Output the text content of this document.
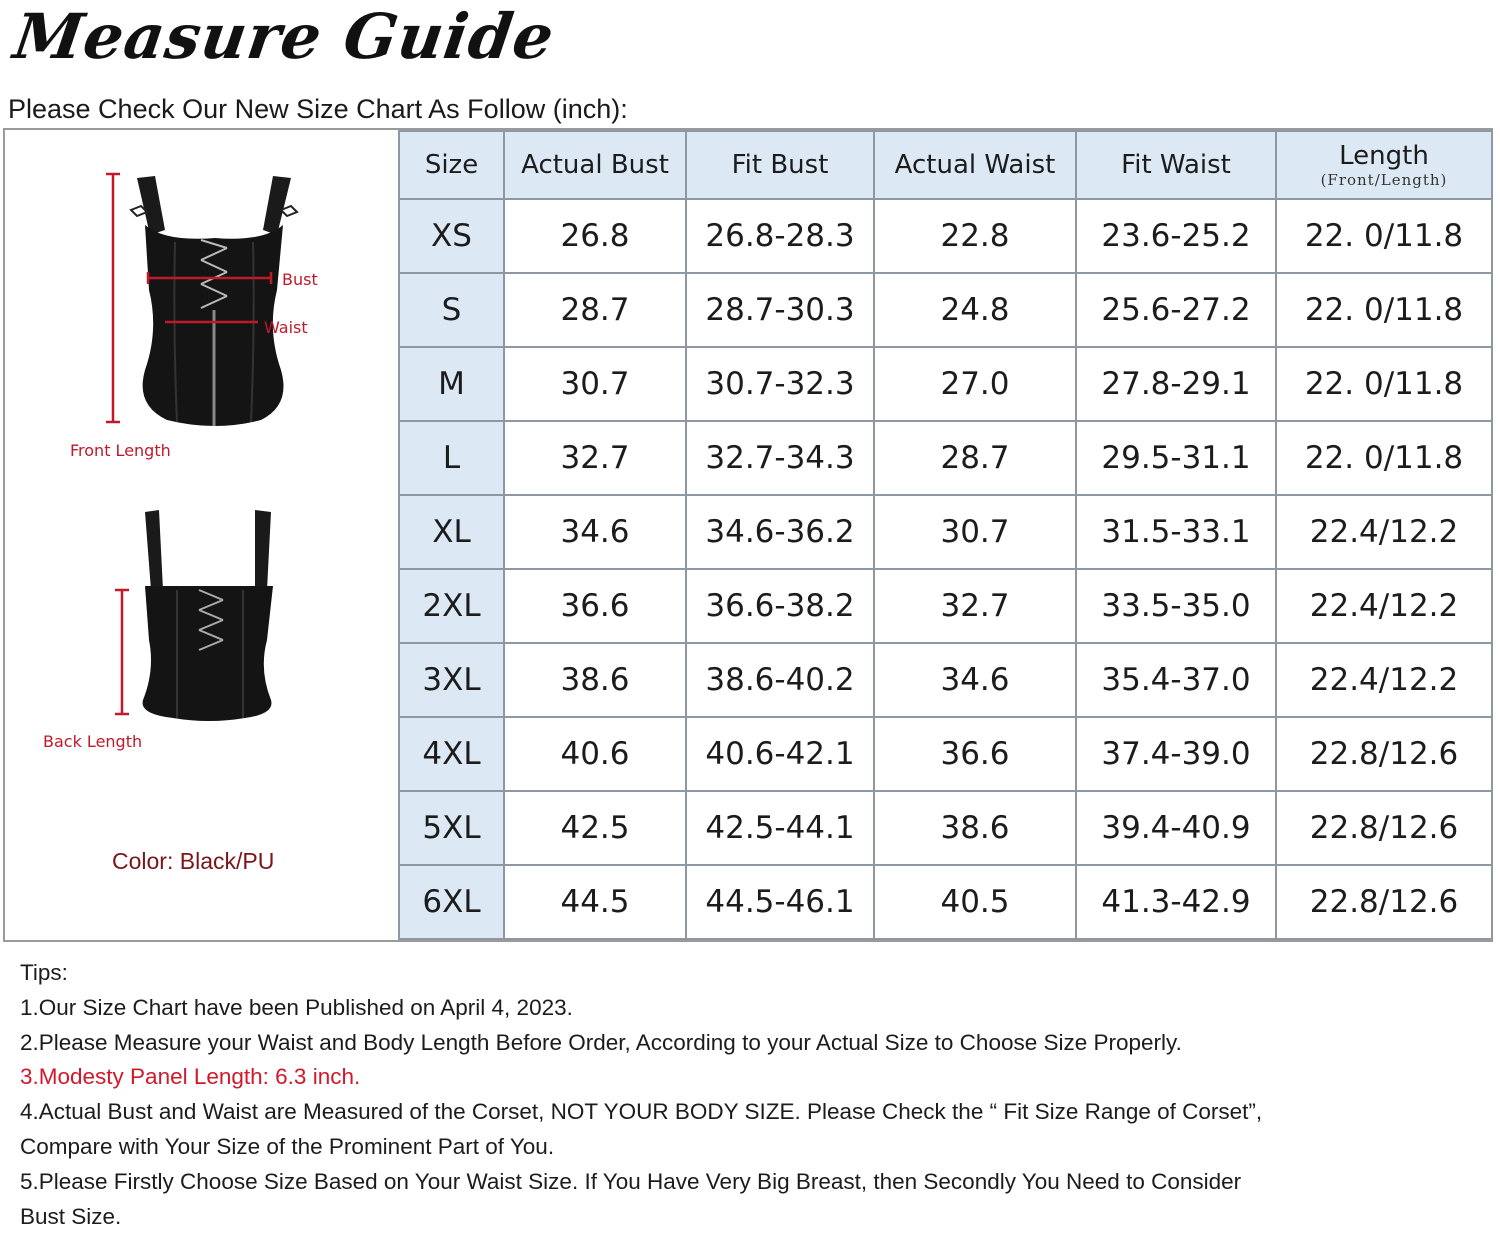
Measure Guide
Please Check Our New Size Chart As Follow (inch):
Bust
Waist
Front Length
Back Length
Color: Black/PU
Size	Actual Bust	Fit Bust	Actual Waist	Fit Waist	Length
(Front/Length)

XS	26.8	26.8-28.3	22.8	23.6-25.2	22. 0/11.8
S	28.7	28.7-30.3	24.8	25.6-27.2	22. 0/11.8
M	30.7	30.7-32.3	27.0	27.8-29.1	22. 0/11.8
L	32.7	32.7-34.3	28.7	29.5-31.1	22. 0/11.8
XL	34.6	34.6-36.2	30.7	31.5-33.1	22.4/12.2
2XL	36.6	36.6-38.2	32.7	33.5-35.0	22.4/12.2
3XL	38.6	38.6-40.2	34.6	35.4-37.0	22.4/12.2
4XL	40.6	40.6-42.1	36.6	37.4-39.0	22.8/12.6
5XL	42.5	42.5-44.1	38.6	39.4-40.9	22.8/12.6
6XL	44.5	44.5-46.1	40.5	41.3-42.9	22.8/12.6
Tips:
1.Our Size Chart have been Published on April 4, 2023.
2.Please Measure your Waist and Body Length Before Order, According to your Actual Size to Choose Size Properly.
3.Modesty Panel Length: 6.3 inch.
4.Actual Bust and Waist are Measured of the Corset, NOT YOUR BODY SIZE. Please Check the “ Fit Size Range of Corset”,
Compare with Your Size of the Prominent Part of You.
5.Please Firstly Choose Size Based on Your Waist Size. If You Have Very Big Breast, then Secondly You Need to Consider
Bust Size.
